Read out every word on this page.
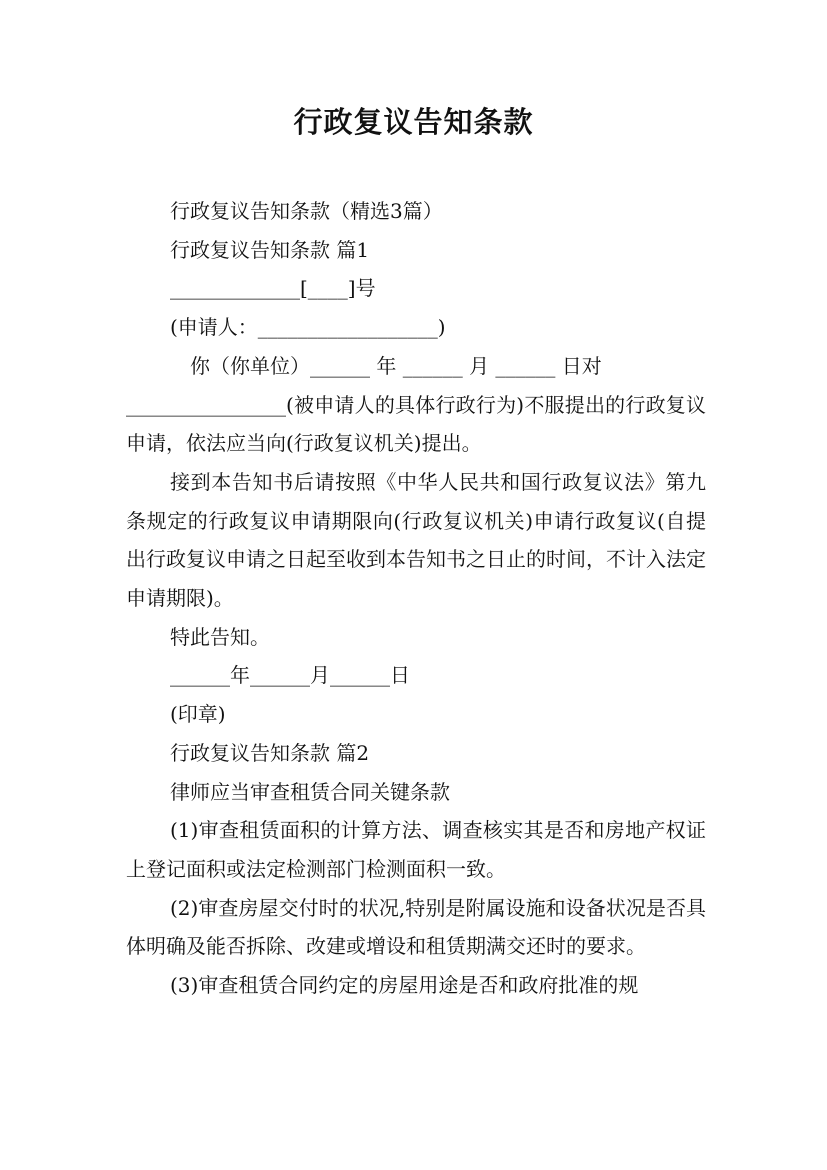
行政复议告知条款

行政复议告知条款（精选3篇）

行政复议告知条款 篇1

_____________[____]号

(申请人：__________________)

　你（你单位）______ 年 ______ 月 ______ 日对

________________(被申请人的具体行政行为)不服提出的行政复议申请，依法应当向(行政复议机关)提出。

接到本告知书后请按照《中华人民共和国行政复议法》第九条规定的行政复议申请期限向(行政复议机关)申请行政复议(自提出行政复议申请之日起至收到本告知书之日止的时间，不计入法定申请期限)。

特此告知。

______年______月______日

(印章)

行政复议告知条款 篇2

律师应当审查租赁合同关键条款

(1)审查租赁面积的计算方法、调查核实其是否和房地产权证上登记面积或法定检测部门检测面积一致。

(2)审查房屋交付时的状况,特别是附属设施和设备状况是否具体明确及能否拆除、改建或增设和租赁期满交还时的要求。

(3)审查租赁合同约定的房屋用途是否和政府批准的规
